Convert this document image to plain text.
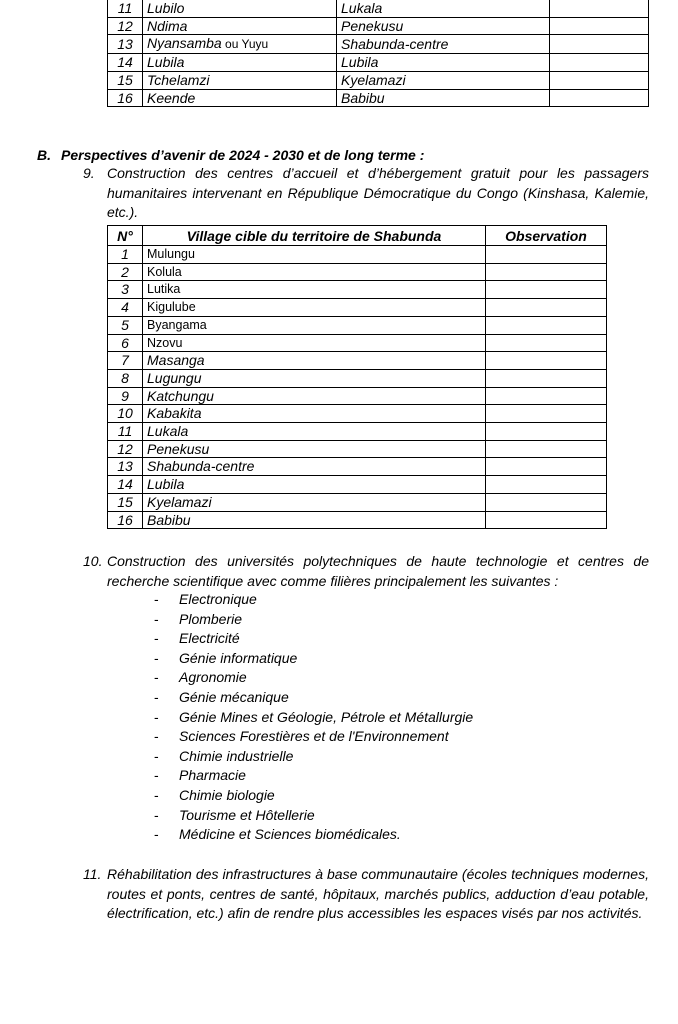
11	Lubilo	Lukala	
12	Ndima	Penekusu	
13	Nyansamba ou Yuyu	Shabunda-centre	
14	Lubila	Lubila	
15	Tchelamzi	Kyelamazi	
16	Keende	Babibu	
B. Perspectives d’avenir de 2024 - 2030 et de long terme :
9. Construction des centres d’accueil et d’hébergement gratuit pour les passagers humanitaires intervenant en République Démocratique du Congo (Kinshasa, Kalemie, etc.).
N°	Village cible du territoire de Shabunda	Observation
1	Mulungu	
2	Kolula	
3	Lutika	
4	Kigulube	
5	Byangama	
6	Nzovu	
7	Masanga	
8	Lugungu	
9	Katchungu	
10	Kabakita	
11	Lukala	
12	Penekusu	
13	Shabunda-centre	
14	Lubila	
15	Kyelamazi	
16	Babibu	
10. Construction des universités polytechniques de haute technologie et centres de recherche scientifique avec comme filières principalement les suivantes :
- Electronique
- Plomberie
- Electricité
- Génie informatique
- Agronomie
- Génie mécanique
- Génie Mines et Géologie, Pétrole et Métallurgie
- Sciences Forestières et de l'Environnement
- Chimie industrielle
- Pharmacie
- Chimie biologie
- Tourisme et Hôtellerie
- Médicine et Sciences biomédicales.
11. Réhabilitation des infrastructures à base communautaire (écoles techniques modernes, routes et ponts, centres de santé, hôpitaux, marchés publics, adduction d’eau potable, électrification, etc.) afin de rendre plus accessibles les espaces visés par nos activités.
